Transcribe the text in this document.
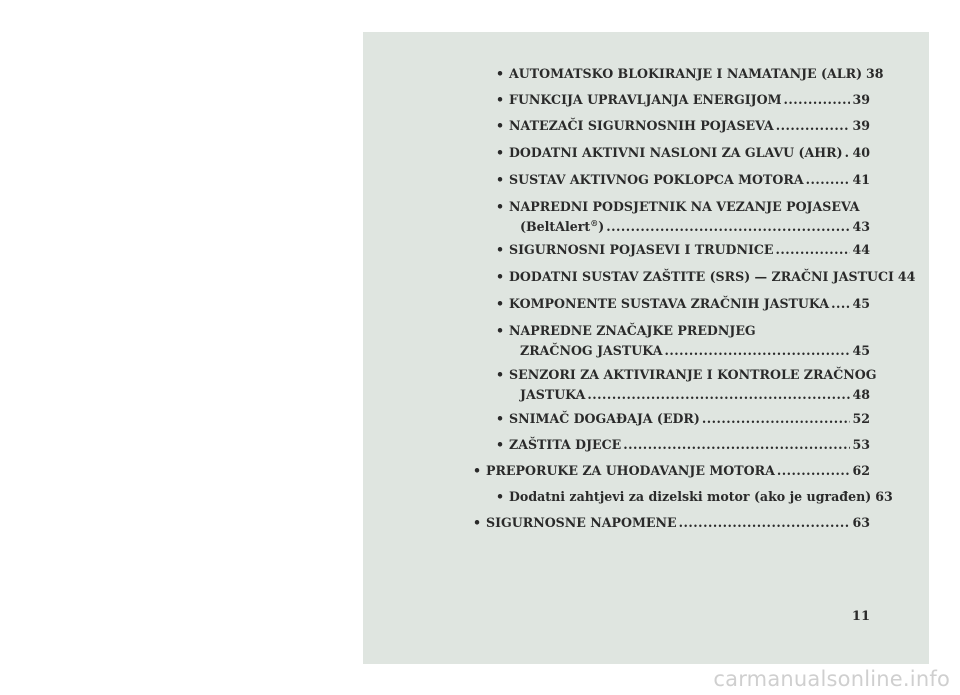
• AUTOMATSKO BLOKIRANJE I NAMATANJE (ALR) 38
• FUNKCIJA UPRAVLJANJA ENERGIJOM .....	39
• NATEZAČI SIGURNOSNIH POJASEVA .....	39
• DODATNI AKTIVNI NASLONI ZA GLAVU (AHR) ..... 40
• SUSTAV AKTIVNOG POKLOPCA MOTORA .....	41
• NAPREDNI PODSJETNIK NA VEZANJE POJASEVA
(BeltAlert®) .....	43
• SIGURNOSNI POJASEVI I TRUDNICE .....	44
• DODATNI SUSTAV ZAŠTITE (SRS) — ZRAČNI JASTUCI 44
• KOMPONENTE SUSTAVA ZRAČNIH JASTUKA ..... 45
• NAPREDNE ZNAČAJKE PREDNJEG
ZRAČNOG JASTUKA .....	45
• SENZORI ZA AKTIVIRANJE I KONTROLE ZRAČNOG
JASTUKA .....	48
• SNIMAČ DOGAĐAJA (EDR) .....	52
• ZAŠTITA DJECE .....	53
• PREPORUKE ZA UHODAVANJE MOTORA .....	62
• Dodatni zahtjevi za dizelski motor (ako je ugrađen) 63
• SIGURNOSNE NAPOMENE .....	63
11
carmanualsonline.info
